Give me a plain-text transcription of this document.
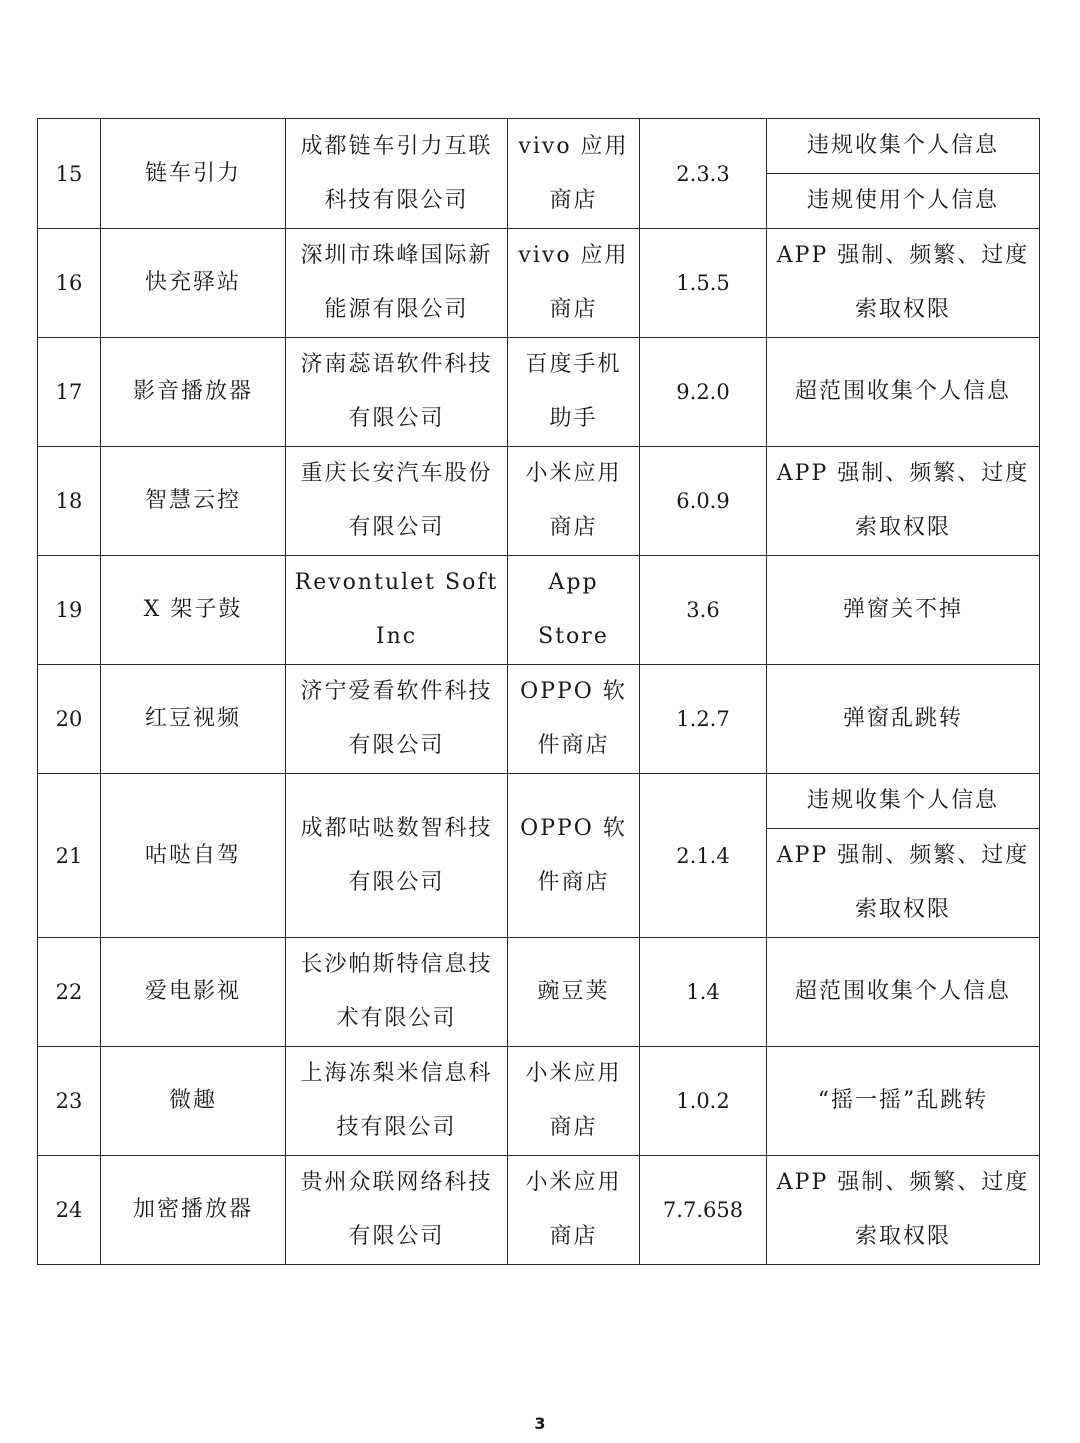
15	链车引力	成都链车引力互联科技有限公司	vivo 应用商店	2.3.3	违规收集个人信息

					违规使用个人信息

16	快充驿站	深圳市珠峰国际新能源有限公司	vivo 应用商店	1.5.5	APP 强制、频繁、过度索取权限

17	影音播放器	济南蕊语软件科技有限公司	百度手机助手	9.2.0	超范围收集个人信息

18	智慧云控	重庆长安汽车股份有限公司	小米应用商店	6.0.9	APP 强制、频繁、过度索取权限

19	X 架子鼓	Revontulet Soft Inc	App Store	3.6	弹窗关不掉

20	红豆视频	济宁爱看软件科技有限公司	OPPO 软件商店	1.2.7	弹窗乱跳转

21	咕哒自驾	成都咕哒数智科技有限公司	OPPO 软件商店	2.1.4	违规收集个人信息

					APP 强制、频繁、过度索取权限

22	爱电影视	长沙帕斯特信息技术有限公司	豌豆荚	1.4	超范围收集个人信息

23	微趣	上海冻梨米信息科技有限公司	小米应用商店	1.0.2	“摇一摇”乱跳转

24	加密播放器	贵州众联网络科技有限公司	小米应用商店	7.7.658	APP 强制、频繁、过度索取权限
3
